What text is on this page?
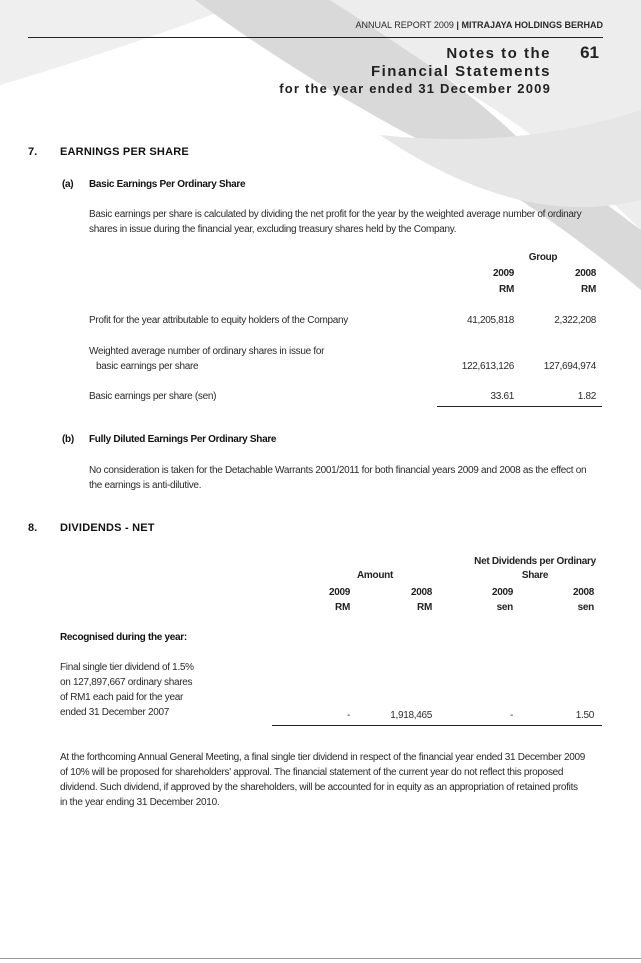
ANNUAL REPORT 2009 | MITRAJAYA HOLDINGS BERHAD
Notes to the 61
Financial Statements
for the year ended 31 December 2009
7. EARNINGS PER SHARE
(a) Basic Earnings Per Ordinary Share
Basic earnings per share is calculated by dividing the net profit for the year by the weighted average number of ordinary
shares in issue during the financial year, excluding treasury shares held by the Company.
Group
2009	2008
RM	RM
Profit for the year attributable to equity holders of the Company	41,205,818	2,322,208
Weighted average number of ordinary shares in issue for
basic earnings per share	122,613,126	127,694,974
Basic earnings per share (sen)	33.61	1.82
(b) Fully Diluted Earnings Per Ordinary Share
No consideration is taken for the Detachable Warrants 2001/2011 for both financial years 2009 and 2008 as the effect on
the earnings is anti-dilutive.
8. DIVIDENDS - NET
Net Dividends per Ordinary
Share
Amount
2009	2008	2009	2008
RM	RM	sen	sen
Recognised during the year:
Final single tier dividend of 1.5%
on 127,897,667 ordinary shares
of RM1 each paid for the year
ended 31 December 2007	-	1,918,465	-	1.50
At the forthcoming Annual General Meeting, a final single tier dividend in respect of the financial year ended 31 December 2009
of 10% will be proposed for shareholders' approval. The financial statement of the current year do not reflect this proposed
dividend. Such dividend, if approved by the shareholders, will be accounted for in equity as an appropriation of retained profits
in the year ending 31 December 2010.
